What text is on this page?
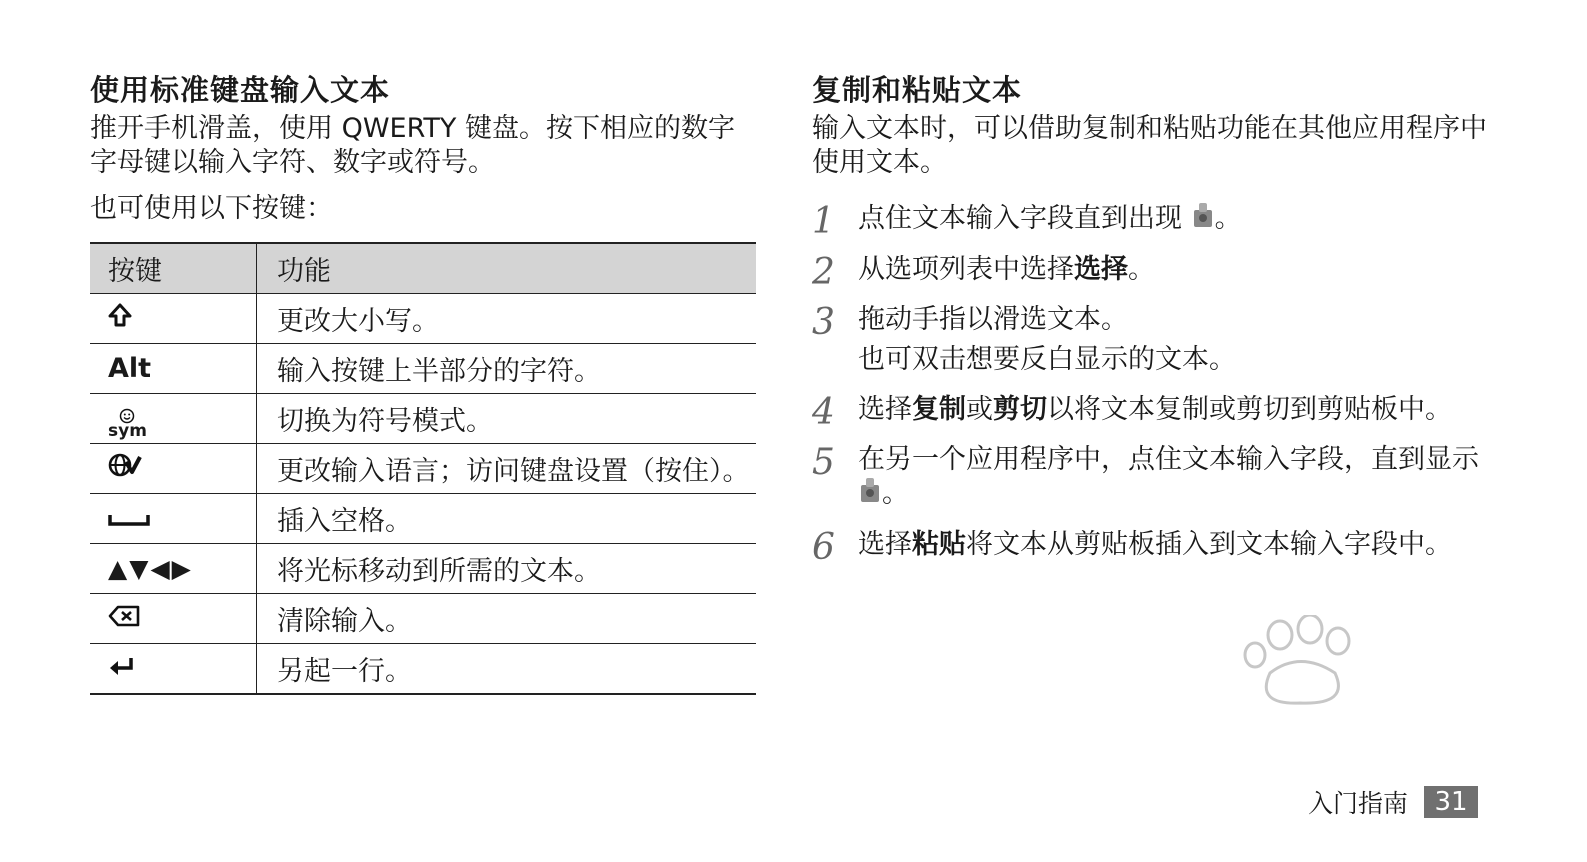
使用标准键盘输入文本

推开手机滑盖，使用 QWERTY 键盘。按下相应的数字字母键以输入字符、数字或符号。

也可使用以下按键：

按键	功能

	更改大小写。
Alt	输入按键上半部分的字符。

sym	切换为符号模式。

	更改输入语言；访问键盘设置（按住）。

	插入空格。
▲▼◀▶	将光标移动到所需的文本。

	清除输入。

	另起一行。
复制和粘贴文本

输入文本时，可以借助复制和粘贴功能在其他应用程序中使用文本。

1 点住文本输入字段直到出现 。
2 从选项列表中选择选择。
3 拖动手指以滑选文本。
也可双击想要反白显示的文本。
4 选择复制或剪切以将文本复制或剪切到剪贴板中。
5 在另一个应用程序中，点住文本输入字段，直到显示 。
6 选择粘贴将文本从剪贴板插入到文本输入字段中。
入门指南	31
